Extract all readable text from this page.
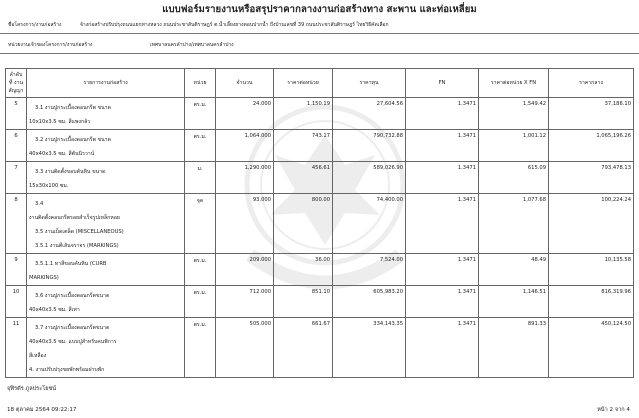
แบบฟอร์มรายงานหรือสรุปราคากลางงานก่อสร้างทาง สะพาน และท่อเหลี่ยม
ชื่อโครงการ/งานก่อสร้าง	จ้างก่อสร้างปรับปรุงถนนแยกทางหลวง ถนนประชาสันติราษฎร์ ต.น้ำเลี้ยงยางตอนปากน้ำ ถึงบ้านเลขที่ 39 ถนนประชาสันติราษฎร์ ไทยวิธีคัดเลือก
หน่วยงานเจ้าของโครงการ/งานก่อสร้าง	เทศบาลนครลำปาง/เทศบาลนครลำปาง
ลำดับที่ งานสัญญา	รายการงานก่อสร้าง	หน่วย	จำนวน	ราคาต่อหน่วย	ราคาทุน	FN	ราคาต่อหน่วย X FN	ราคากลาง
5	3.1 งานปูกระเบื้องดอนกรีต ขนาด
10x10x3.5 ซม. สีแพงกล้ว	ตร.ม.	24.000	1,150.19	27,604.56	1.3471	1,549.42	37,186.10
6	3.2 งานปูกระเบื้องดอนกรีต ขนาด
40x40x3.5 ซม. สีตันนิรวาน์	ตร.ม.	1,064.000	743.17	790,732.88	1.3471	1,001.12	1,065,196.26
7	3.3 งานติดตั้งขอบคันหิน ขนาด
15x30x100 ซม.	ม.	1,290.000	456.61	589,026.90	1.3471	615.09	793,478.13
8	3.4
งานติดตั้งคอนกรีตรอยสำเร็จรูปเหล็กหอย
3.5 งานเบ็ดเตล็ด (MISCELLANEOUS)
3.5.1 งานตีเส้นจราจร (MARKINGS)	จุด	93.000	800.00	74,400.00	1.3471	1,077.68	100,224.24
9	3.5.1.1 ทาสีขอบคันหิน (CURB
MARKINGS)	ตร.ม.	209.000	36.00	7,524.00	1.3471	48.49	10,135.58
10	3.6 งานปูกระเบื้องดอนกรีตขนาด
40x40x3.5 ซม. สีเทา	ตร.ม.	712.000	851.10	605,983.20	1.3471	1,146.51	816,319.96
11	3.7 งานปูกระเบื้องดอนกรีตขนาด
40x40x3.5 ซม. แบบปูสำหรับคนพิการ
สีเหลือง
4. งานปรับปรุงขยพักพร้อมฝาบพัก	ตร.ม.	505.000	661.67	334,143.35	1.3471	891.33	450,124.50
จุฬีรตัร ภูลประโยชน์
18 ตุลาคม 2564 09:22:17	หน้า 2 จาก 4
